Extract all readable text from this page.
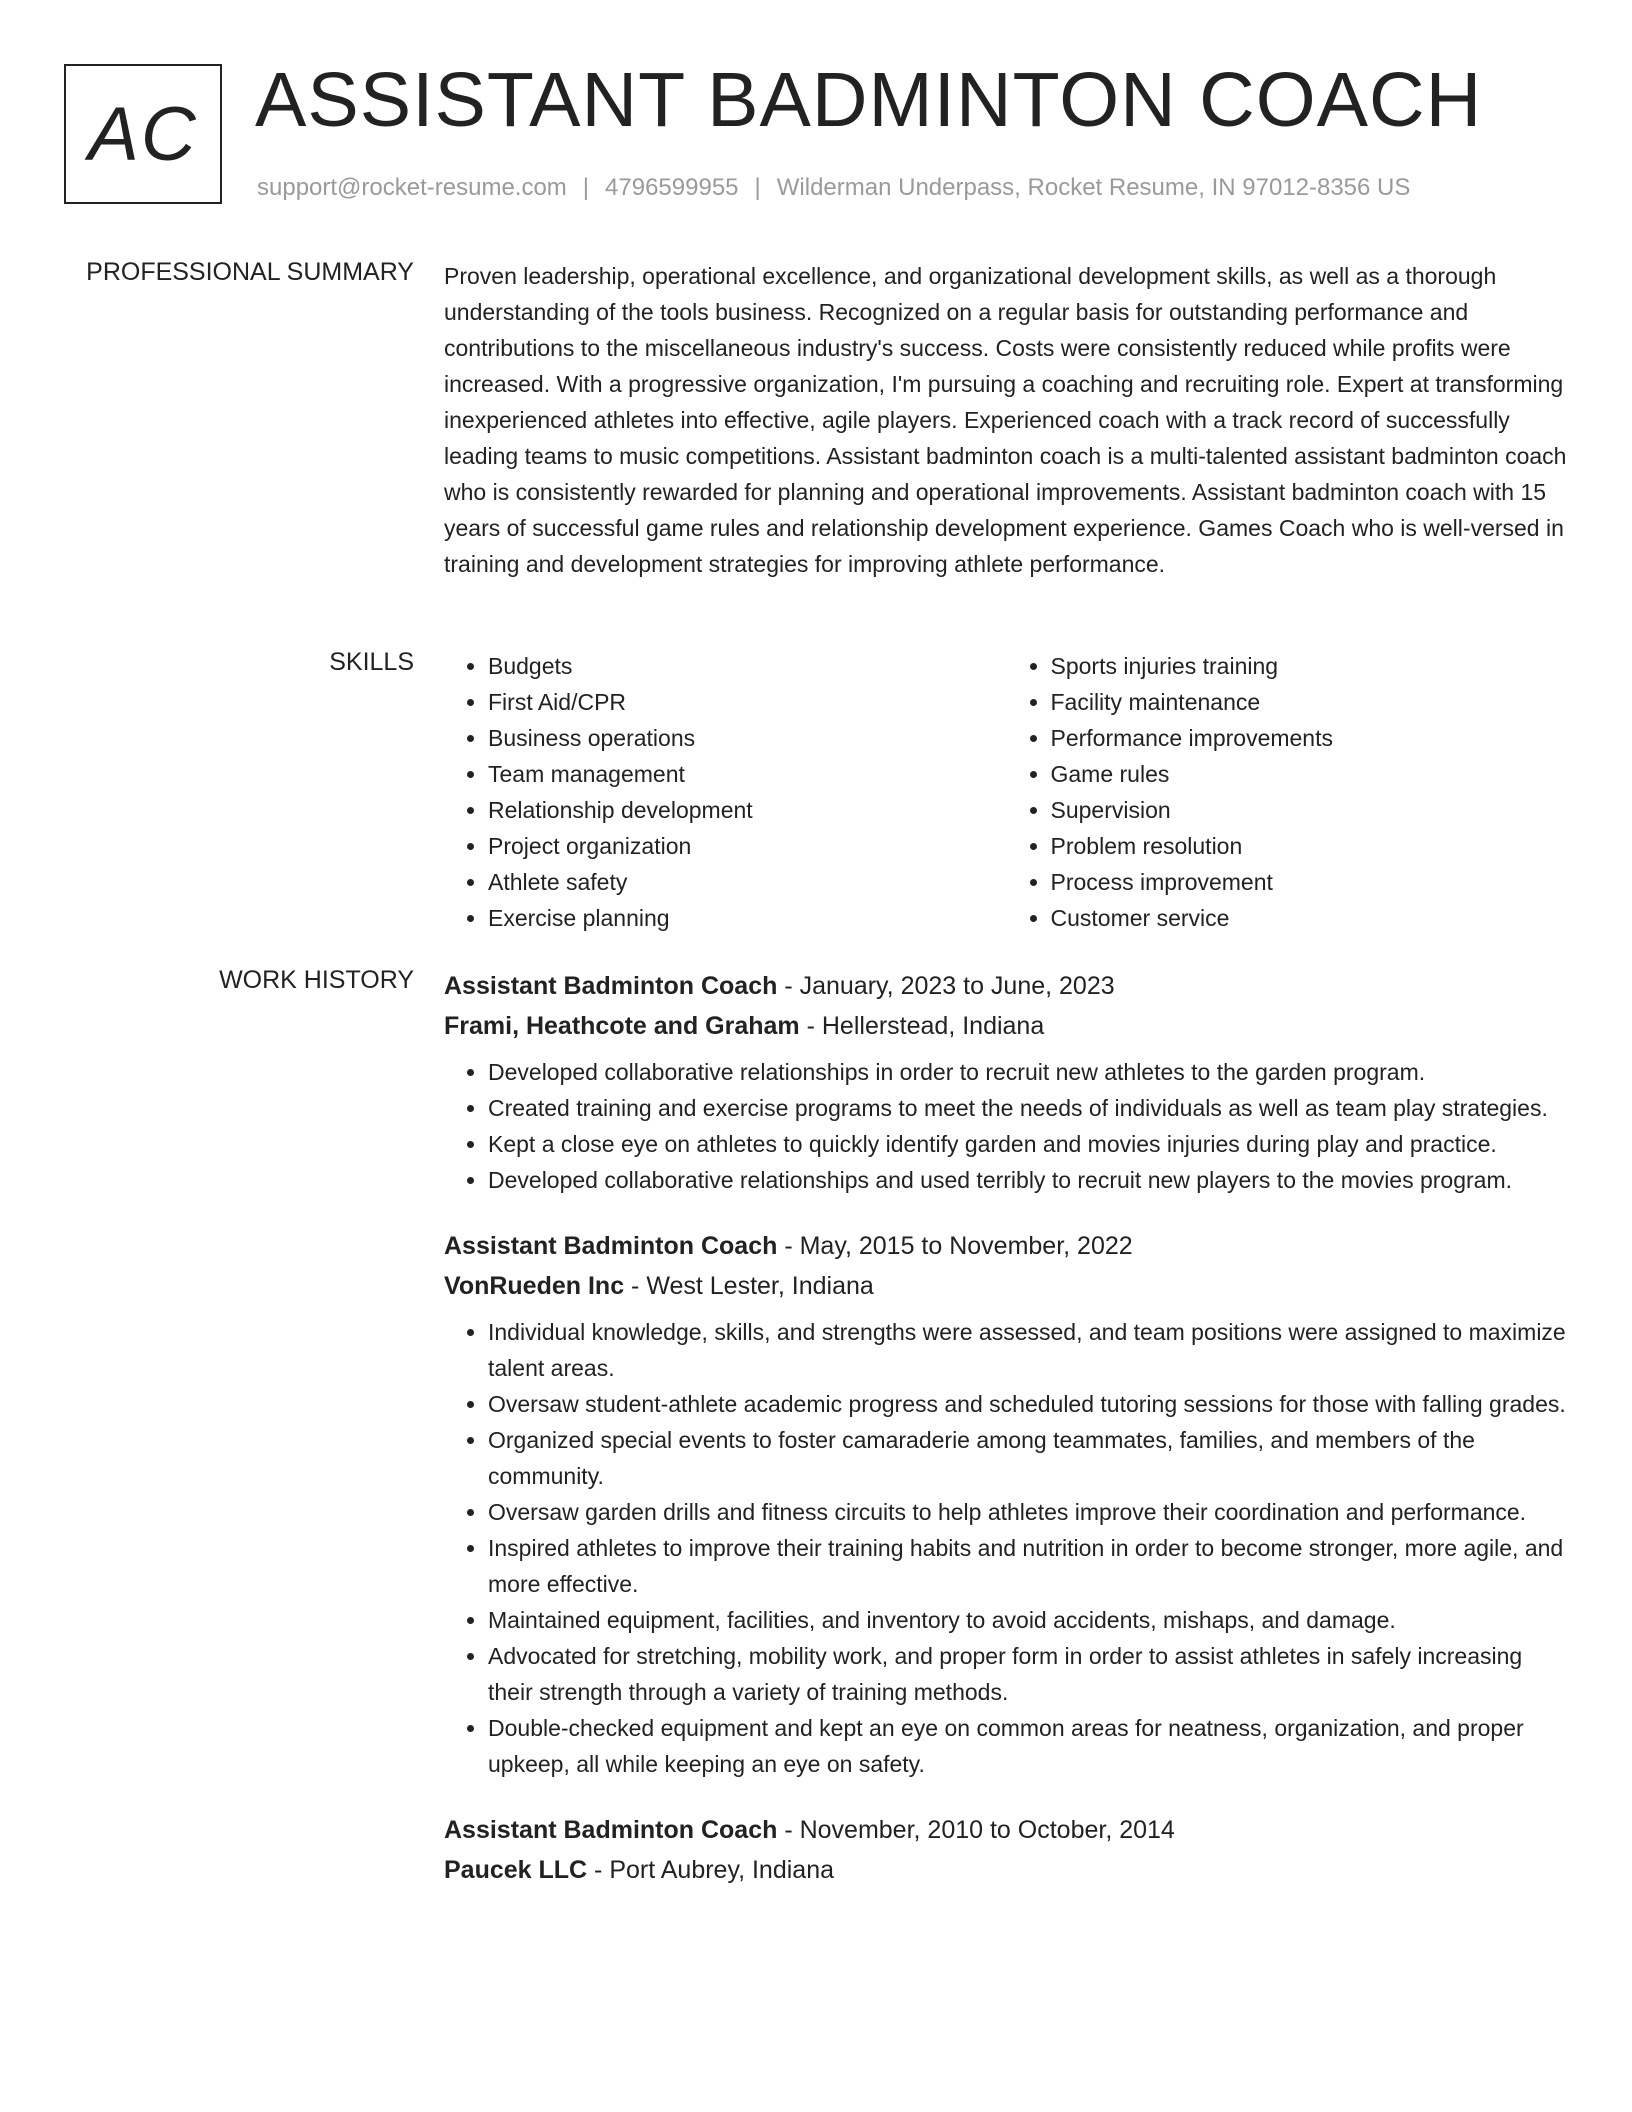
AC ASSISTANT BADMINTON COACH
support@rocket-resume.com | 4796599955 | Wilderman Underpass, Rocket Resume, IN 97012-8356 US
PROFESSIONAL SUMMARY Proven leadership, operational excellence, and organizational development skills, as well as a thorough understanding of the tools business. Recognized on a regular basis for outstanding performance and contributions to the miscellaneous industry's success. Costs were consistently reduced while profits were increased. With a progressive organization, I'm pursuing a coaching and recruiting role. Expert at transforming inexperienced athletes into effective, agile players. Experienced coach with a track record of successfully leading teams to music competitions. Assistant badminton coach is a multi-talented assistant badminton coach who is consistently rewarded for planning and operational improvements. Assistant badminton coach with 15 years of successful game rules and relationship development experience. Games Coach who is well-versed in training and development strategies for improving athlete performance.

SKILLS
•	Budgets
• First Aid/CPR
• Business operations
• Team management
• Relationship development
• Project organization
• Athlete safety
• Exercise planning
• Sports injuries training
• Facility maintenance
• Performance improvements
• Game rules
• Supervision
• Problem resolution
• Process improvement
• Customer service
WORK HISTORY Assistant Badminton Coach - January, 2023 to June, 2023
Frami, Heathcote and Graham - Hellerstead, Indiana
• Developed collaborative relationships in order to recruit new athletes to the garden program.
• Created training and exercise programs to meet the needs of individuals as well as team play strategies.
• Kept a close eye on athletes to quickly identify garden and movies injuries during play and practice.
• Developed collaborative relationships and used terribly to recruit new players to the movies program.
Assistant Badminton Coach - May, 2015 to November, 2022
VonRueden Inc - West Lester, Indiana
• Individual knowledge, skills, and strengths were assessed, and team positions were assigned to maximize talent areas.
• Oversaw student-athlete academic progress and scheduled tutoring sessions for those with falling grades.
• Organized special events to foster camaraderie among teammates, families, and members of the community.
• Oversaw garden drills and fitness circuits to help athletes improve their coordination and performance.
• Inspired athletes to improve their training habits and nutrition in order to become stronger, more agile, and more effective.
• Maintained equipment, facilities, and inventory to avoid accidents, mishaps, and damage.
• Advocated for stretching, mobility work, and proper form in order to assist athletes in safely increasing their strength through a variety of training methods.
• Double-checked equipment and kept an eye on common areas for neatness, organization, and proper upkeep, all while keeping an eye on safety.
Assistant Badminton Coach - November, 2010 to October, 2014
Paucek LLC - Port Aubrey, Indiana
